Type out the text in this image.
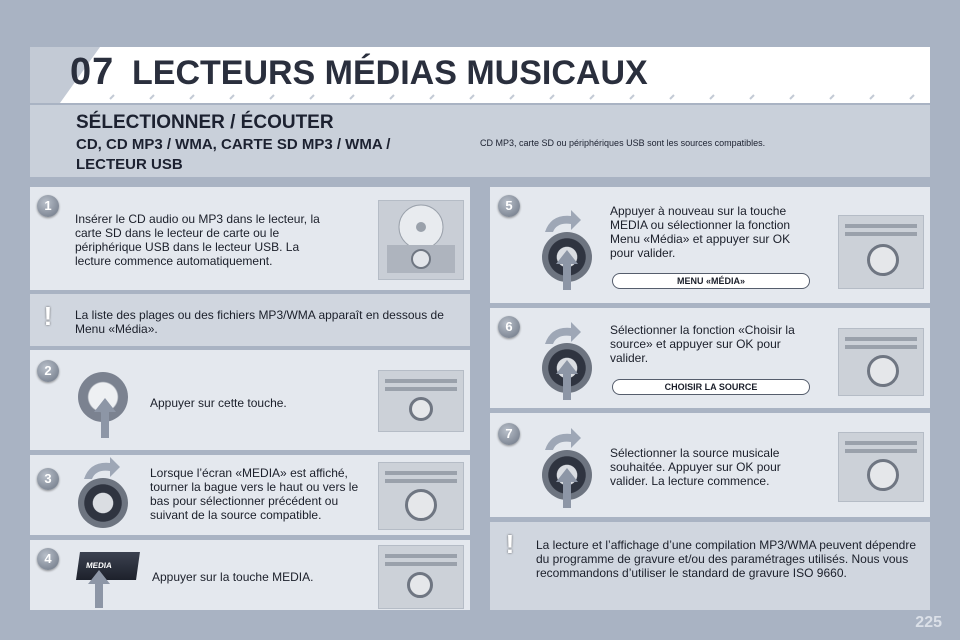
07 LECTEURS MÉDIAS MUSICAUX
SÉLECTIONNER / ÉCOUTER
CD, CD MP3 / WMA, CARTE SD MP3 / WMA /
LECTEUR USB
CD MP3, carte SD ou périphériques USB sont les sources compatibles.
1
Insérer le CD audio ou MP3 dans le lecteur, la carte SD dans le lecteur de carte ou le périphérique USB dans le lecteur USB. La lecture commence automatiquement.
!	La liste des plages ou des fichiers MP3/WMA apparaît en dessous de Menu «Média».
2
Appuyer sur cette touche.
3	Lorsque l’écran «MEDIA» est affiché, tourner la bague vers le haut ou vers le bas pour sélectionner précédent ou suivant de la source compatible.
4	MEDIA
Appuyer sur la touche MEDIA.
5	Appuyer à nouveau sur la touche MEDIA ou sélectionner la fonction Menu «Média» et appuyer sur OK pour valider.
MENU «MÉDIA»
6	Sélectionner la fonction «Choisir la source» et appuyer sur OK pour valider.
CHOISIR LA SOURCE
7
Sélectionner la source musicale souhaitée. Appuyer sur OK pour valider. La lecture commence.
!	La lecture et l’affichage d’une compilation MP3/WMA peuvent dépendre du programme de gravure et/ou des paramétrages utilisés. Nous vous recommandons d’utiliser le standard de gravure ISO 9660.
225
